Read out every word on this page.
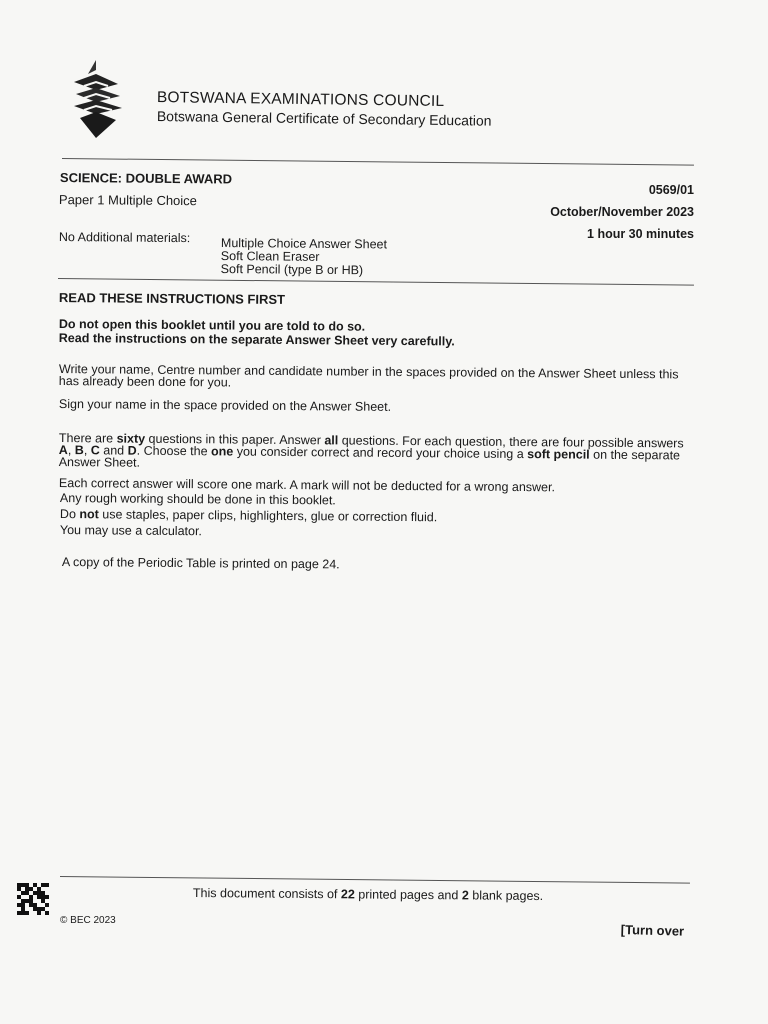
BOTSWANA EXAMINATIONS COUNCIL
Botswana General Certificate of Secondary Education
SCIENCE: DOUBLE AWARD
Paper 1 Multiple Choice
0569/01
October/November 2023
1 hour 30 minutes
No Additional materials: Multiple Choice Answer Sheet
Soft Clean Eraser
Soft Pencil (type B or HB)
READ THESE INSTRUCTIONS FIRST
Do not open this booklet until you are told to do so.
Read the instructions on the separate Answer Sheet very carefully.
Write your name, Centre number and candidate number in the spaces provided on the Answer Sheet unless this has already been done for you.
Sign your name in the space provided on the Answer Sheet.
There are sixty questions in this paper. Answer all questions. For each question, there are four possible answers A, B, C and D. Choose the one you consider correct and record your choice using a soft pencil on the separate Answer Sheet.
Each correct answer will score one mark. A mark will not be deducted for a wrong answer.
Any rough working should be done in this booklet.
Do not use staples, paper clips, highlighters, glue or correction fluid.
You may use a calculator.
A copy of the Periodic Table is printed on page 24.
This document consists of 22 printed pages and 2 blank pages.
© BEC 2023
[Turn over
